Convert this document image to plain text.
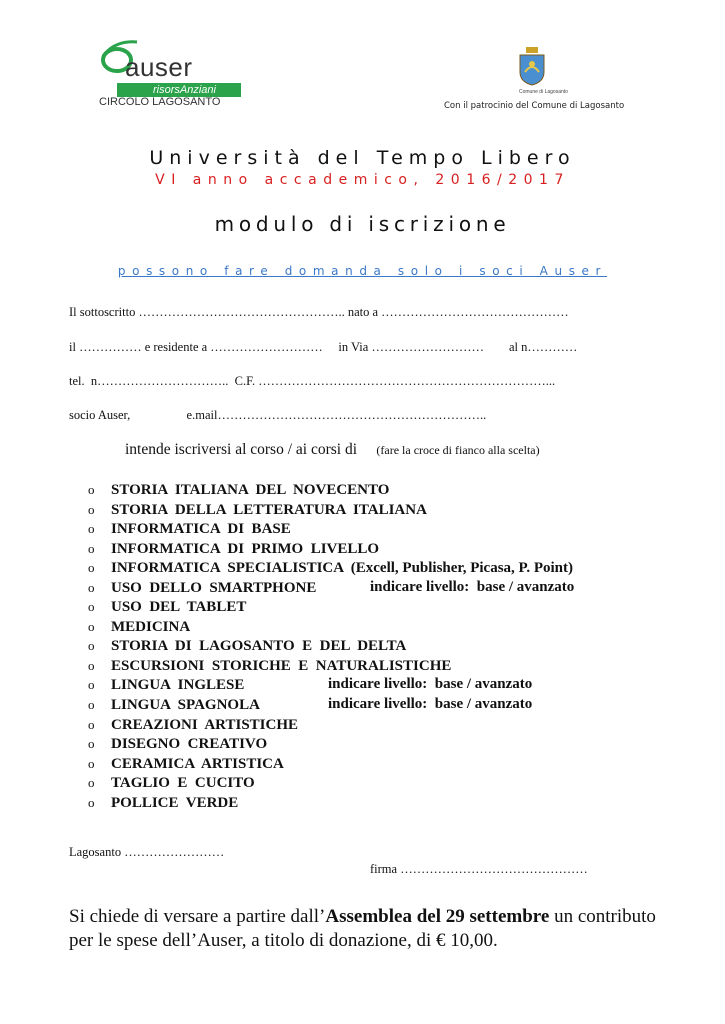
auser
risorsAnziani
CIRCOLO LAGOSANTO
Comune di Lagosanto
Con il patrocinio del Comune di Lagosanto
Università del Tempo Libero
VI anno accademico, 2016/2017
modulo di iscrizione
possono fare domanda solo i soci Auser
Il sottoscritto ………………………………………….. nato a ………………………………………
il …………… e residente a ………………………     in Via ………………………        al n…………
tel.  n…………………………..  C.F. ……………………………………………………………...
socio Auser,                  e.mail………………………………………………………..
intende iscriversi al corso / ai corsi di (fare la croce di fianco alla scelta)
o STORIA  ITALIANA  DEL  NOVECENTO
o STORIA  DELLA  LETTERATURA  ITALIANA
o INFORMATICA  DI  BASE
o INFORMATICA  DI  PRIMO  LIVELLO
o INFORMATICA  SPECIALISTICA  (Excell, Publisher, Picasa, P. Point)
o USO  DELLO  SMARTPHONE	indicare livello:  base / avanzato
o USO  DEL  TABLET
o MEDICINA
o STORIA  DI  LAGOSANTO  E  DEL  DELTA
o ESCURSIONI  STORICHE  E  NATURALISTICHE
o LINGUA  INGLESE	indicare livello:  base / avanzato
o LINGUA  SPAGNOLA	indicare livello:  base / avanzato
o CREAZIONI  ARTISTICHE
o DISEGNO  CREATIVO
o CERAMICA  ARTISTICA
o TAGLIO  E  CUCITO
o POLLICE  VERDE
Lagosanto ……………………
firma ………………………………………
Si chiede di versare a partire dall’Assemblea del 29 settembre un contributo per le spese dell’Auser, a titolo di donazione, di € 10,00.
